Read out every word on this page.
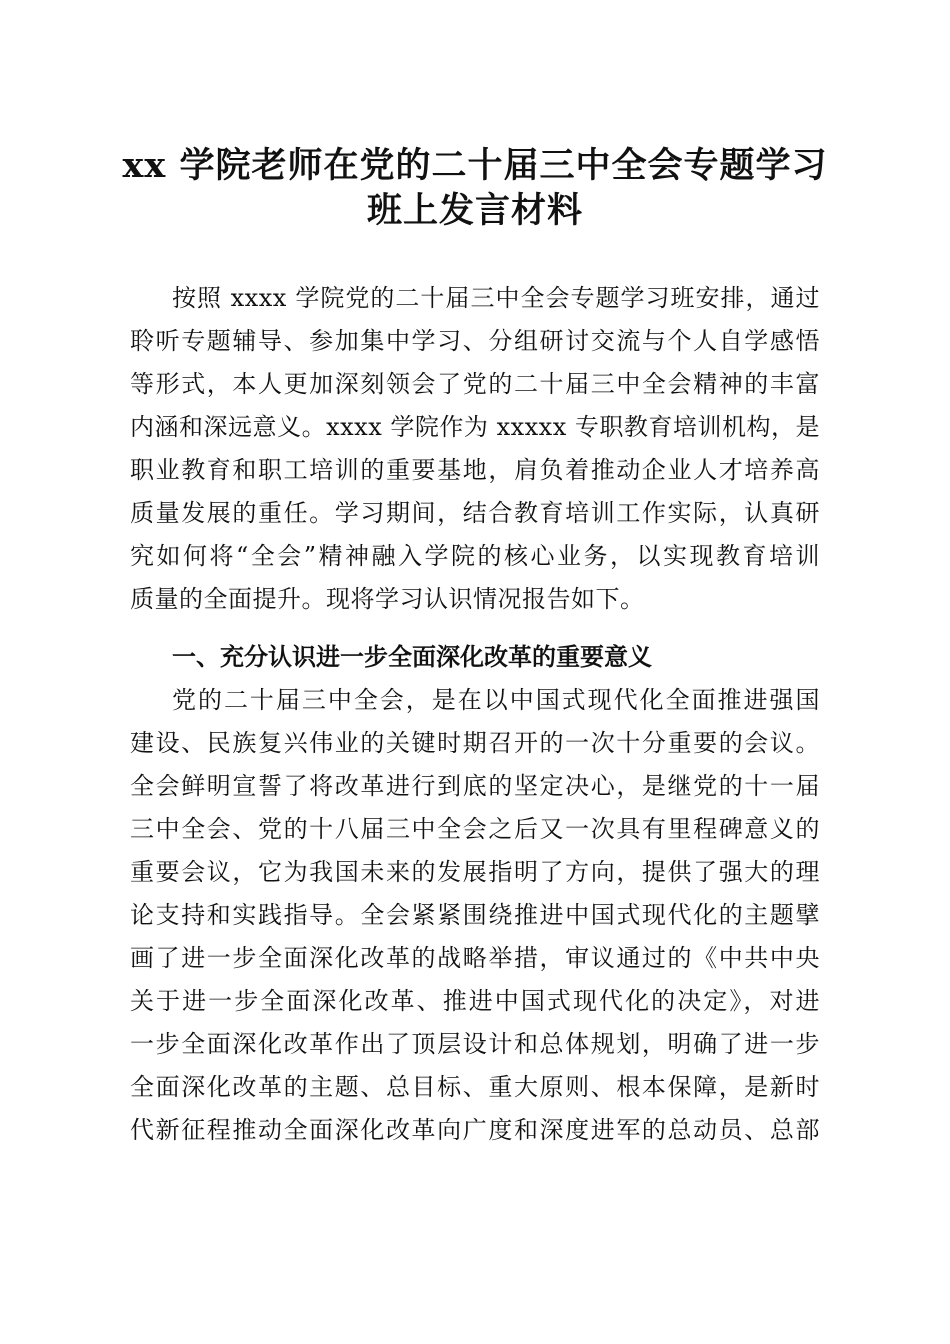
xx 学院老师在党的二十届三中全会专题学习
班上发言材料
按照 xxxx 学院党的二十届三中全会专题学习班安排，通过
聆听专题辅导、参加集中学习、分组研讨交流与个人自学感悟
等形式，本人更加深刻领会了党的二十届三中全会精神的丰富
内涵和深远意义。xxxx 学院作为 xxxxx 专职教育培训机构，是
职业教育和职工培训的重要基地，肩负着推动企业人才培养高
质量发展的重任。学习期间，结合教育培训工作实际，认真研
究如何将“全会”精神融入学院的核心业务，以实现教育培训
质量的全面提升。现将学习认识情况报告如下。
一、充分认识进一步全面深化改革的重要意义
党的二十届三中全会，是在以中国式现代化全面推进强国
建设、民族复兴伟业的关键时期召开的一次十分重要的会议。
全会鲜明宣誓了将改革进行到底的坚定决心，是继党的十一届
三中全会、党的十八届三中全会之后又一次具有里程碑意义的
重要会议，它为我国未来的发展指明了方向，提供了强大的理
论支持和实践指导。全会紧紧围绕推进中国式现代化的主题擘
画了进一步全面深化改革的战略举措，审议通过的《中共中央
关于进一步全面深化改革、推进中国式现代化的决定》，对进
一步全面深化改革作出了顶层设计和总体规划，明确了进一步
全面深化改革的主题、总目标、重大原则、根本保障，是新时
代新征程推动全面深化改革向广度和深度进军的总动员、总部
